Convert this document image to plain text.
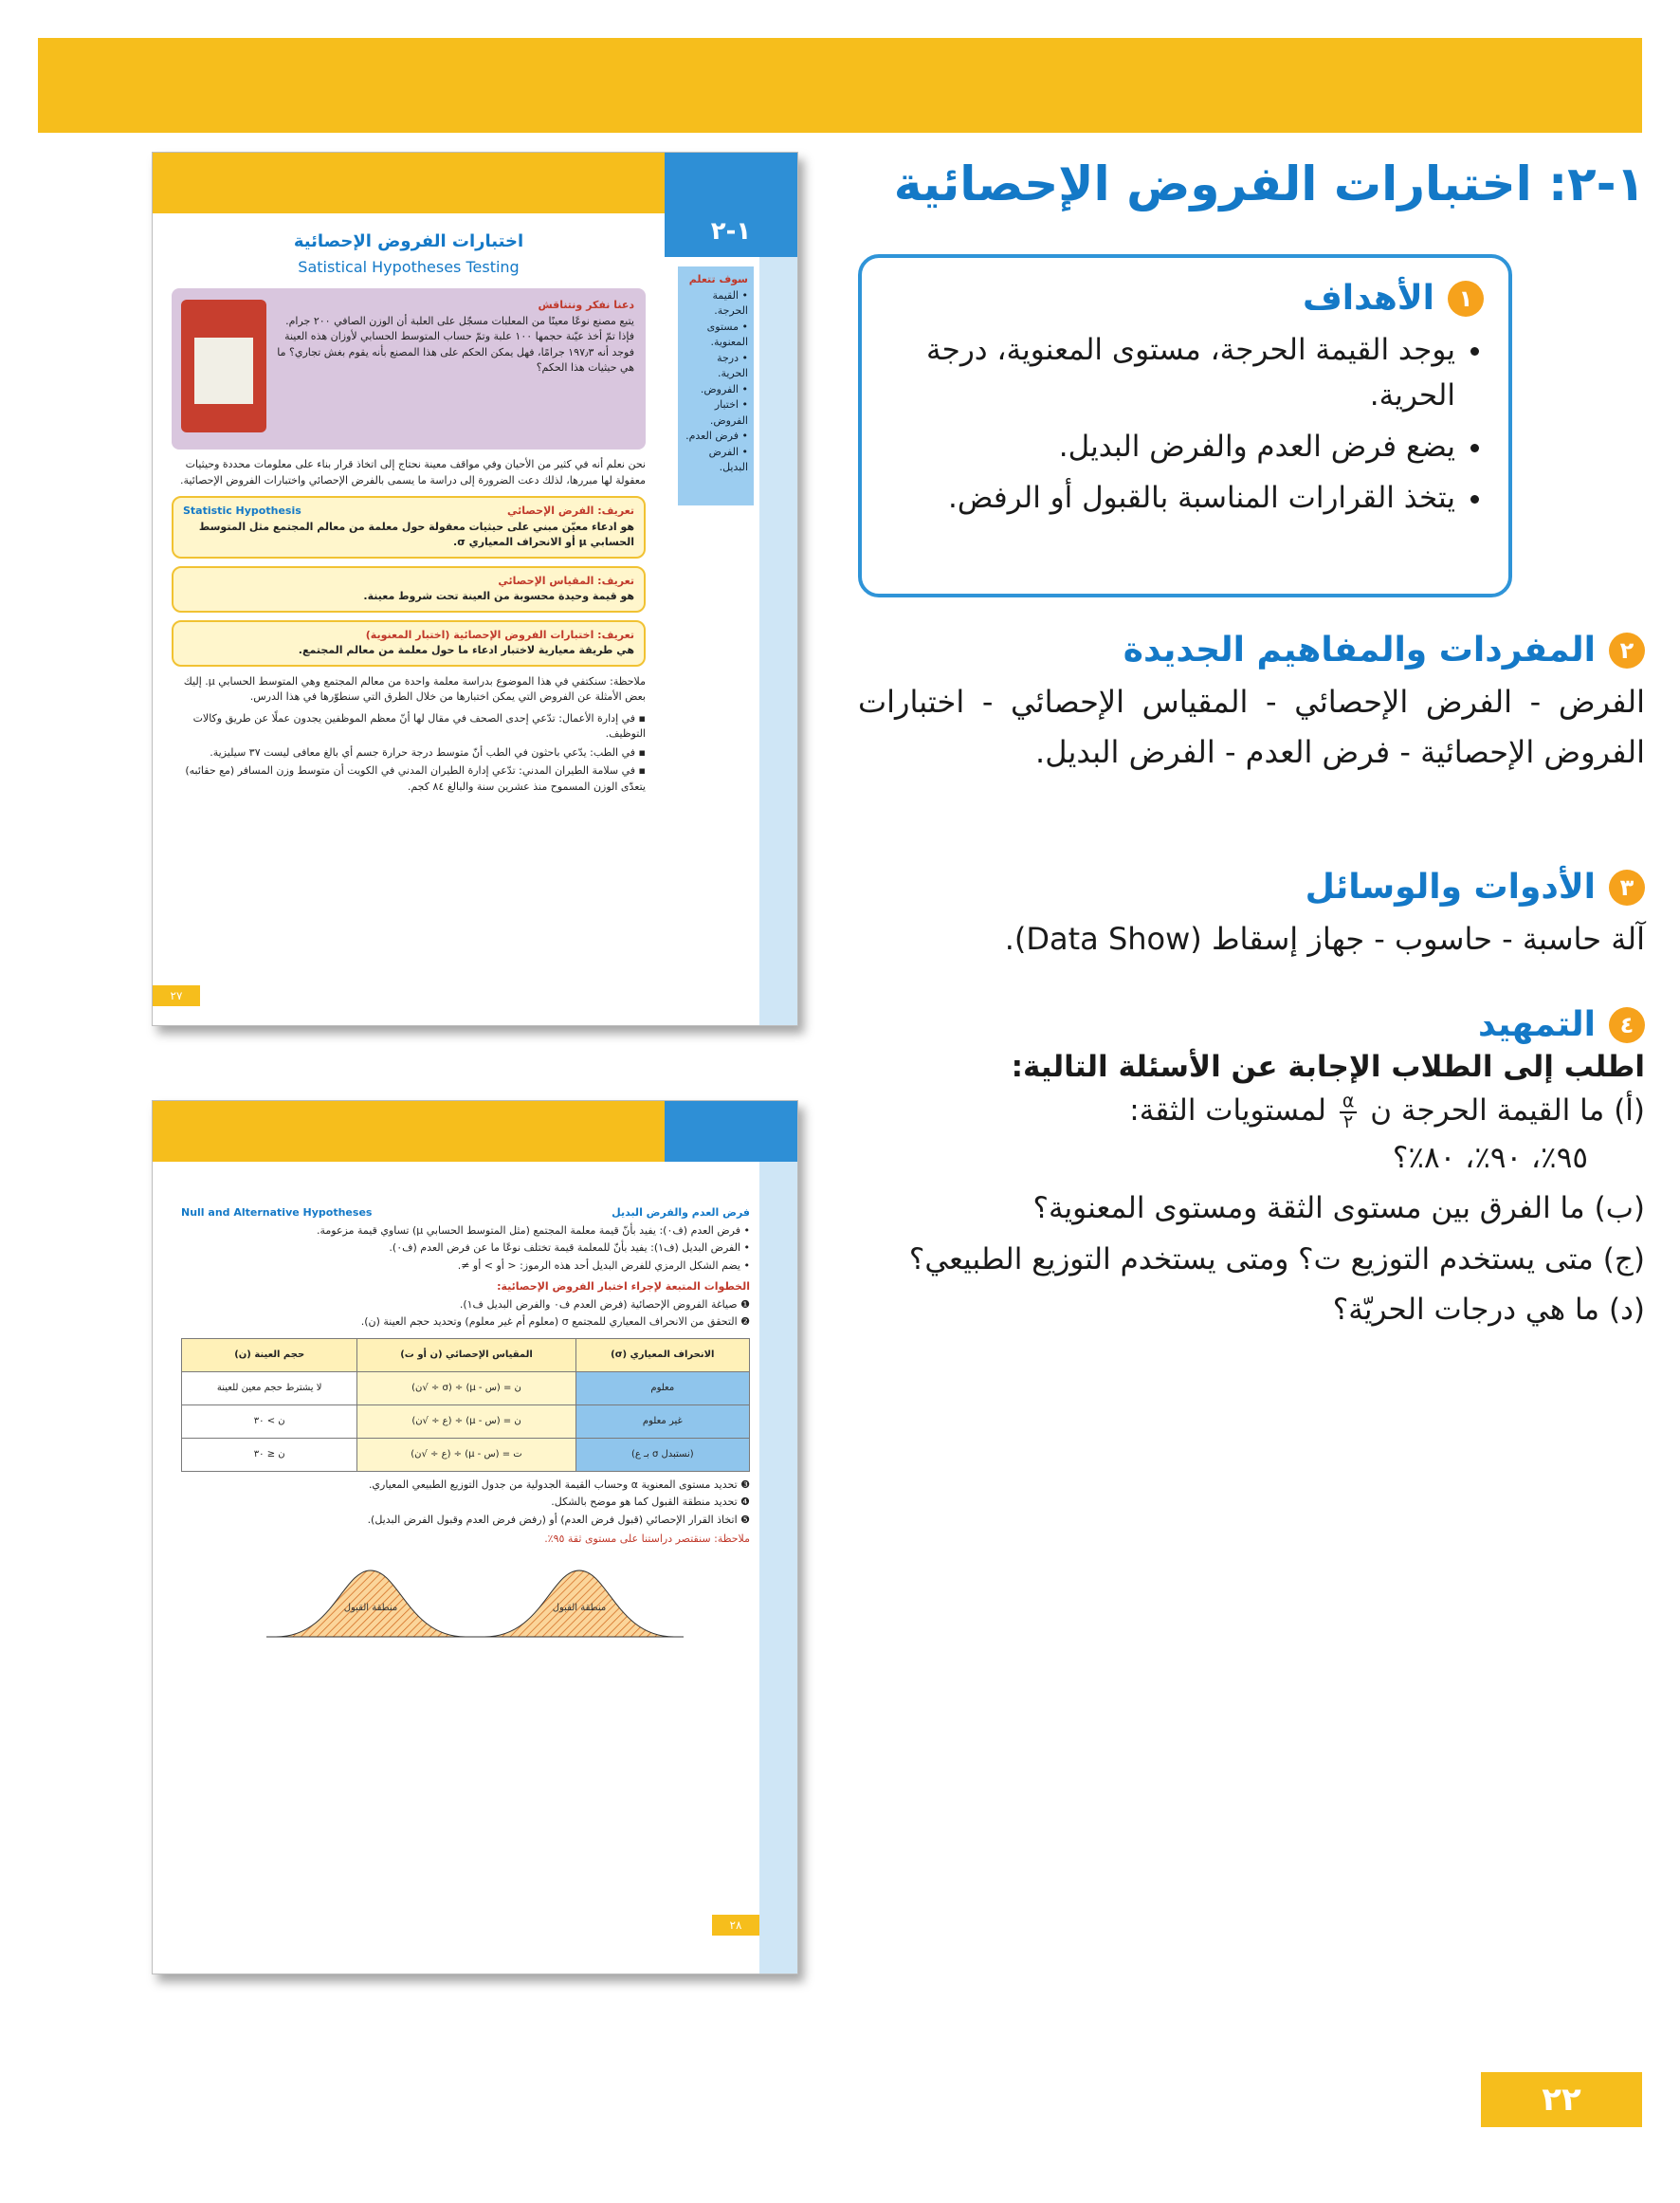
١-٢: اختبارات الفروض الإحصائية
١
الأهداف
• يوجد القيمة الحرجة، مستوى المعنوية، درجة الحرية.
• يضع فرض العدم والفرض البديل.
• يتخذ القرارات المناسبة بالقبول أو الرفض.
٢
المفردات والمفاهيم الجديدة

الفرض - الفرض الإحصائي - المقياس الإحصائي - اختبارات الفروض الإحصائية - فرض العدم - الفرض البديل.

٣
الأدوات والوسائل

آلة حاسبة - حاسوب - جهاز إسقاط (Data Show).

٤
التمهيد

اطلب إلى الطلاب الإجابة عن الأسئلة التالية:

(أ)ما القيمة الحرجة ن
$\frac{\alpha}{٢}$
لمستويات الثقة:
٩٥٪، ٩٠٪، ٨٠٪؟

(ب)ما الفرق بين مستوى الثقة ومستوى المعنوية؟

(ج)متى يستخدم التوزيع ت؟ ومتى يستخدم التوزيع الطبيعي؟

(د)ما هي درجات الحريّة؟

١-٢
سوف تتعلم
• القيمة الحرجة.
• مستوى المعنوية.
• درجة الحرية.
• الفروض.
• اختبار الفروض.
• فرض العدم.
• الفرض البديل.

اختبارات الفروض الإحصائية

Satistical Hypotheses Testing

دعنا نفكر ونتناقش
يتبع مصنع نوعًا معينًا من المعلبات مسجّل على العلبة أن الوزن الصافي ٢٠٠ جرام. فإذا تمّ أخذ عيّنة حجمها ١٠٠ علبة وتمّ حساب المتوسط الحسابي لأوزان هذه العينة فوجد أنه ١٩٧٫٣ جرامًا، فهل يمكن الحكم على هذا المصنع بأنه يقوم بغش تجاري؟ ما هي حيثيات هذا الحكم؟

نحن نعلم أنه في كثير من الأحيان وفي مواقف معينة نحتاج إلى اتخاذ قرار بناء على معلومات محددة وحيثيات معقولة لها مبررها، لذلك دعت الضرورة إلى دراسة ما يسمى بالفرض الإحصائي واختبارات الفروض الإحصائية.

تعريف: الفرض الإحصائي
Statistic Hypothesis

هو ادعاء معيّن مبني على حيثيات معقولة حول معلمة من معالم المجتمع مثل المتوسط الحسابي μ أو الانحراف المعياري σ.
تعريف: المقياس الإحصائي
هو قيمة وحيدة محسوبة من العينة تحت شروط معينة.
تعريف: اختبارات الفروض الإحصائية (اختبار المعنوية)
هي طريقة معيارية لاختبار ادعاء ما حول معلمة من معالم المجتمع.

ملاحظة: سنكتفي في هذا الموضوع بدراسة معلمة واحدة من معالم المجتمع وهي المتوسط الحسابي μ. إليك بعض الأمثلة عن الفروض التي يمكن اختبارها من خلال الطرق التي سنطوّرها في هذا الدرس.

▪ في إدارة الأعمال: تدّعي إحدى الصحف في مقال لها أنّ معظم الموظفين يجدون عملًا عن طريق وكالات التوظيف.

▪ في الطب: يدّعي باحثون في الطب أنّ متوسط درجة حرارة جسم أي بالغ معافى ليست ٣٧ سيليزية.

▪ في سلامة الطيران المدني: تدّعي إدارة الطيران المدني في الكويت أن متوسط وزن المسافر (مع حقائبه) يتعدّى الوزن المسموح منذ عشرين سنة والبالغ ٨٤ كجم.

٢٧
فرض العدم والفرض البديل
Null and Alternative Hypotheses

• فرض العدم (ف٠): يفيد بأنّ قيمة معلمة المجتمع (مثل المتوسط الحسابي μ) تساوي قيمة مزعومة.

• الفرض البديل (ف١): يفيد بأنّ للمعلمة قيمة تختلف نوعًا ما عن فرض العدم (ف٠).

• يضم الشكل الرمزي للفرض البديل أحد هذه الرموز: < أو > أو ≠.

الخطوات المتبعة لإجراء اختبار الفروض الإحصائية:

❶ صياغة الفروض الإحصائية (فرض العدم ف٠ والفرض البديل ف١).

❷ التحقق من الانحراف المعياري للمجتمع σ (معلوم أم غير معلوم) وتحديد حجم العينة (ن).

الانحراف المعياري (σ)	المقياس الإحصائي (ن أو ت)	حجم العينة (ن)
معلوم	ن = (س - μ) ÷ (σ ÷ √ن)	لا يشترط حجم معين للعينة
غير معلوم	ن = (س - μ) ÷ (ع ÷ √ن)	ن > ٣٠
(نستبدل σ بـ ع)	ت = (س - μ) ÷ (ع ÷ √ن)	ن ≤ ٣٠

❸ تحديد مستوى المعنوية α وحساب القيمة الجدولية من جدول التوزيع الطبيعي المعياري.

❹ تحديد منطقة القبول كما هو موضح بالشكل.

❺ اتخاذ القرار الإحصائي (قبول فرض العدم) أو (رفض فرض العدم وقبول الفرض البديل).

ملاحظة: سنقتصر دراستنا على مستوى ثقة ٩٥٪.

منطقة القبول	منطقة القبول
٢٨
٢٢
